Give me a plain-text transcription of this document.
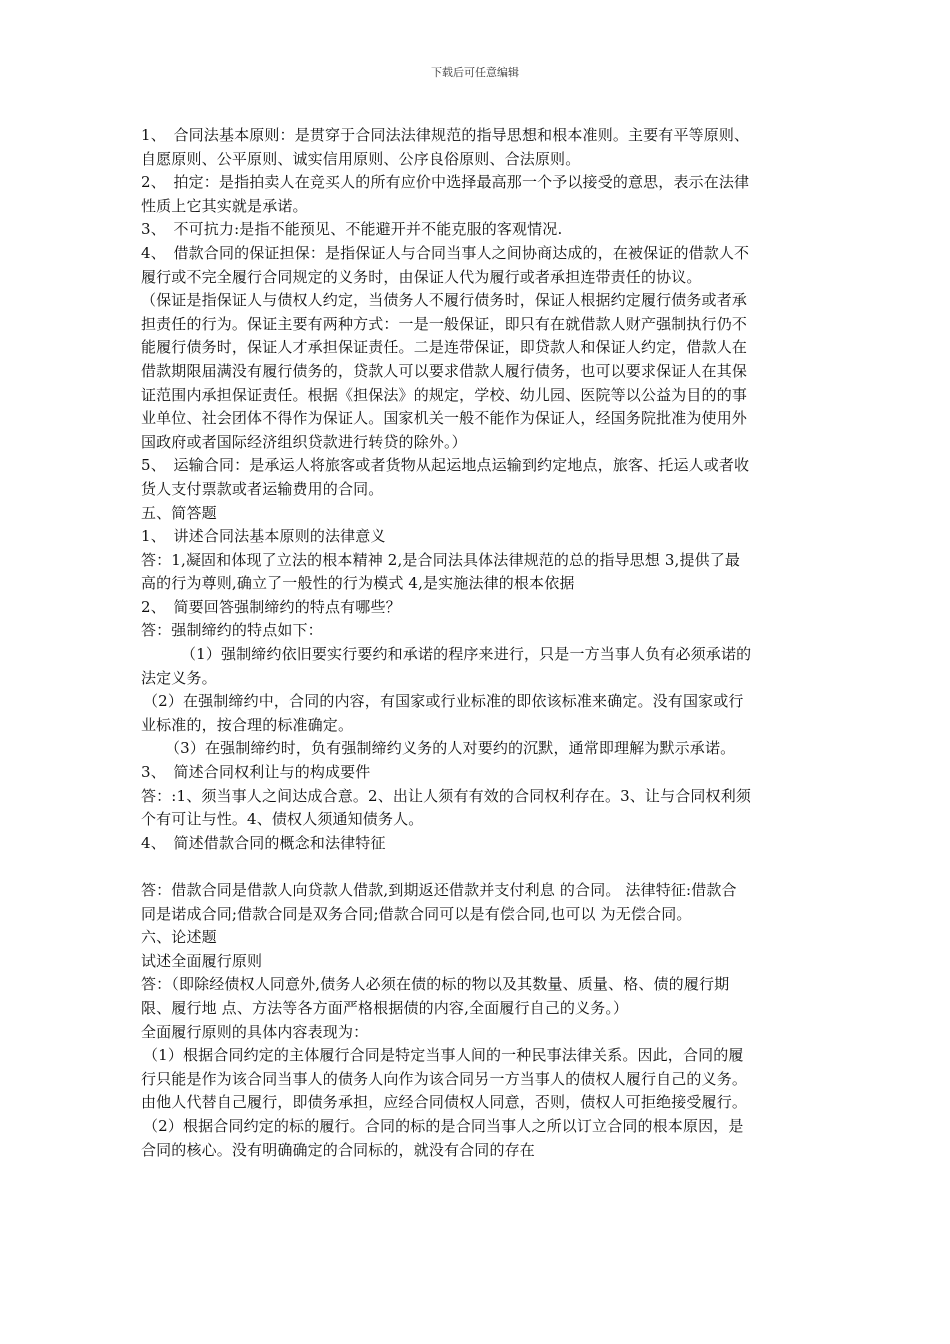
下载后可任意编辑
1、　合同法基本原则：是贯穿于合同法法律规范的指导思想和根本准则。主要有平等原则、
自愿原则、公平原则、诚实信用原则、公序良俗原则、合法原则。
2、　拍定：是指拍卖人在竞买人的所有应价中选择最高那一个予以接受的意思，表示在法律
性质上它其实就是承诺。
3、　不可抗力:是指不能预见、不能避开并不能克服的客观情况.
4、　借款合同的保证担保：是指保证人与合同当事人之间协商达成的，在被保证的借款人不
履行或不完全履行合同规定的义务时，由保证人代为履行或者承担连带责任的协议。
（保证是指保证人与债权人约定，当债务人不履行债务时，保证人根据约定履行债务或者承
担责任的行为。保证主要有两种方式：一是一般保证，即只有在就借款人财产强制执行仍不
能履行债务时，保证人才承担保证责任。二是连带保证，即贷款人和保证人约定，借款人在
借款期限届满没有履行债务的，贷款人可以要求借款人履行债务，也可以要求保证人在其保
证范围内承担保证责任。根据《担保法》的规定，学校、幼儿园、医院等以公益为目的的事
业单位、社会团体不得作为保证人。国家机关一般不能作为保证人，经国务院批准为使用外
国政府或者国际经济组织贷款进行转贷的除外。）
5、　运输合同：是承运人将旅客或者货物从起运地点运输到约定地点，旅客、托运人或者收
货人支付票款或者运输费用的合同。
五、简答题
1、　讲述合同法基本原则的法律意义
答：1,凝固和体现了立法的根本精神 2,是合同法具体法律规范的总的指导思想 3,提供了最
高的行为尊则,确立了一般性的行为模式 4,是实施法律的根本依据
2、　简要回答强制缔约的特点有哪些？
答：强制缔约的特点如下：
（1）强制缔约依旧要实行要约和承诺的程序来进行，只是一方当事人负有必须承诺的
法定义务。
（2）在强制缔约中，合同的内容，有国家或行业标准的即依该标准来确定。没有国家或行
业标准的，按合理的标准确定。
（3）在强制缔约时，负有强制缔约义务的人对要约的沉默，通常即理解为默示承诺。
3、　简述合同权利让与的构成要件
答：:1、须当事人之间达成合意。2、出让人须有有效的合同权利存在。3、让与合同权利须
个有可让与性。4、债权人须通知债务人。
4、　简述借款合同的概念和法律特征
答：借款合同是借款人向贷款人借款,到期返还借款并支付利息 的合同。 法律特征:借款合
同是诺成合同;借款合同是双务合同;借款合同可以是有偿合同,也可以 为无偿合同。
六、论述题
试述全面履行原则
答：（即除经债权人同意外,债务人必须在债的标的物以及其数量、质量、格、债的履行期
限、履行地 点、方法等各方面严格根据债的内容,全面履行自己的义务。）
全面履行原则的具体内容表现为：
（1）根据合同约定的主体履行合同是特定当事人间的一种民事法律关系。因此，合同的履
行只能是作为该合同当事人的债务人向作为该合同另一方当事人的债权人履行自己的义务。
由他人代替自己履行，即债务承担，应经合同债权人同意，否则，债权人可拒绝接受履行。
（2）根据合同约定的标的履行。合同的标的是合同当事人之所以订立合同的根本原因，是
合同的核心。没有明确确定的合同标的，就没有合同的存在
